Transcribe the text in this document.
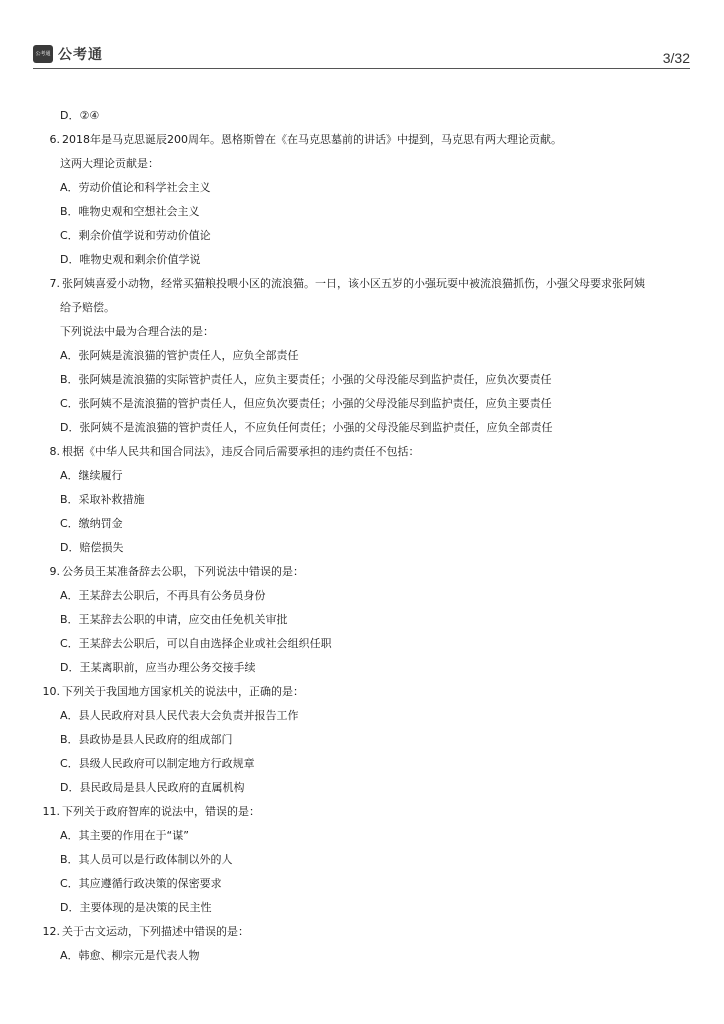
公考通 公考通	3/32
D．②④
6. 2018年是马克思诞辰200周年。恩格斯曾在《在马克思墓前的讲话》中提到，马克思有两大理论贡献。
这两大理论贡献是：
A．劳动价值论和科学社会主义
B．唯物史观和空想社会主义
C．剩余价值学说和劳动价值论
D．唯物史观和剩余价值学说
7. 张阿姨喜爱小动物，经常买猫粮投喂小区的流浪猫。一日，该小区五岁的小强玩耍中被流浪猫抓伤，小强父母要求张阿姨
给予赔偿。
下列说法中最为合理合法的是：
A．张阿姨是流浪猫的管护责任人，应负全部责任
B．张阿姨是流浪猫的实际管护责任人，应负主要责任；小强的父母没能尽到监护责任，应负次要责任
C．张阿姨不是流浪猫的管护责任人，但应负次要责任；小强的父母没能尽到监护责任，应负主要责任
D．张阿姨不是流浪猫的管护责任人，不应负任何责任；小强的父母没能尽到监护责任，应负全部责任
8. 根据《中华人民共和国合同法》，违反合同后需要承担的违约责任不包括：
A．继续履行
B．采取补救措施
C．缴纳罚金
D．赔偿损失
9. 公务员王某准备辞去公职，下列说法中错误的是：
A．王某辞去公职后，不再具有公务员身份
B．王某辞去公职的申请，应交由任免机关审批
C．王某辞去公职后，可以自由选择企业或社会组织任职
D．王某离职前，应当办理公务交接手续
10. 下列关于我国地方国家机关的说法中，正确的是：
A．县人民政府对县人民代表大会负责并报告工作
B．县政协是县人民政府的组成部门
C．县级人民政府可以制定地方行政规章
D．县民政局是县人民政府的直属机构
11. 下列关于政府智库的说法中，错误的是：
A．其主要的作用在于“谋”
B．其人员可以是行政体制以外的人
C．其应遵循行政决策的保密要求
D．主要体现的是决策的民主性
12. 关于古文运动，下列描述中错误的是：
A．韩愈、柳宗元是代表人物
